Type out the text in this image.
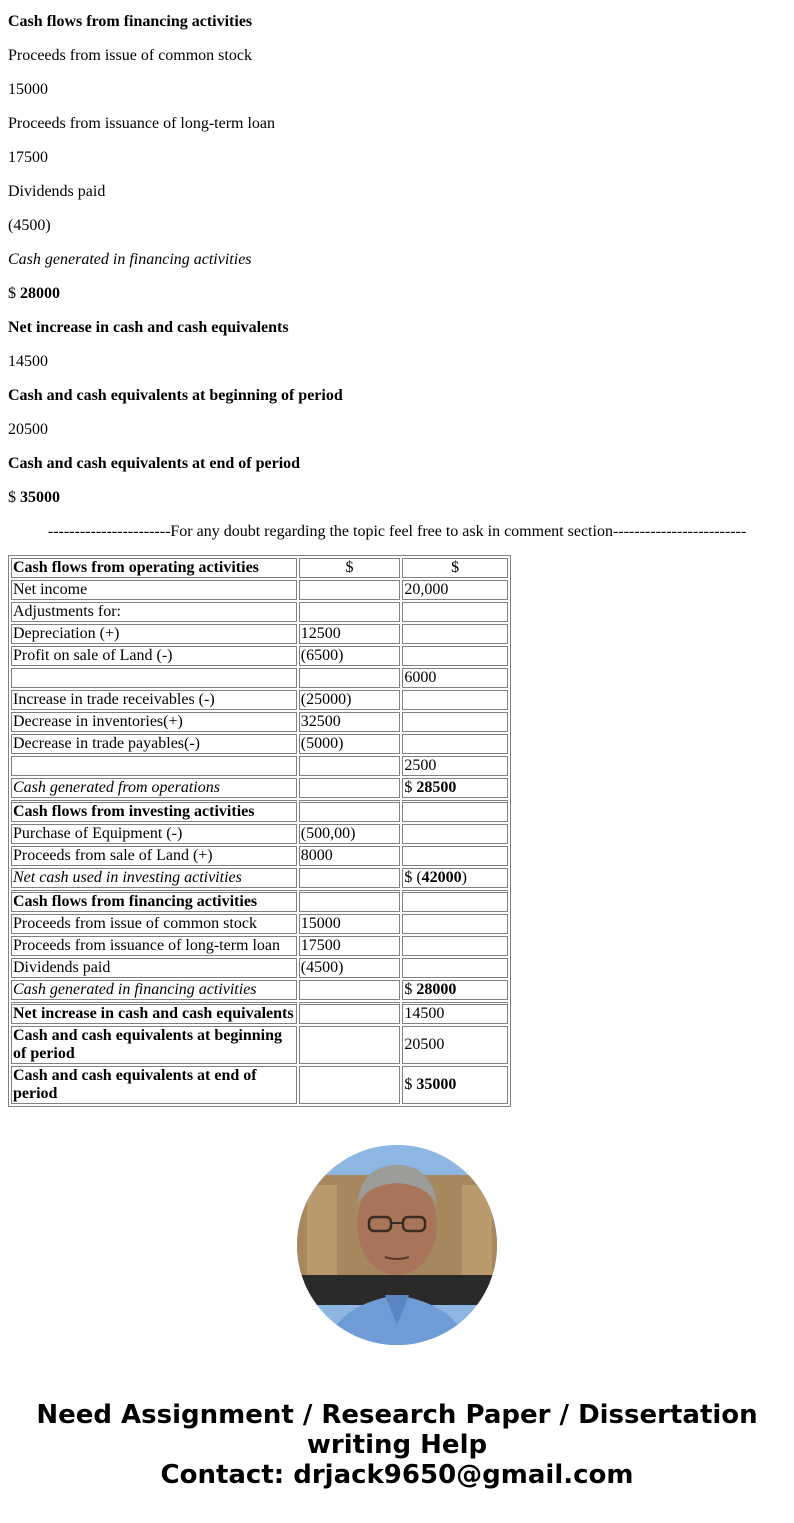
Cash flows from financing activities

Proceeds from issue of common stock

15000

Proceeds from issuance of long-term loan

17500

Dividends paid

(4500)

Cash generated in financing activities

$ 28000

Net increase in cash and cash equivalents

14500

Cash and cash equivalents at beginning of period

20500

Cash and cash equivalents at end of period

$ 35000

-----------------------For any doubt regarding the topic feel free to ask in comment section-------------------------

Cash flows from operating activities	$	$
Net income		20,000
Adjustments for:		
Depreciation (+)	12500	
Profit on sale of Land (-)	(6500)	
		6000
Increase in trade receivables (-)	(25000)	
Decrease in inventories(+)	32500	
Decrease in trade payables(-)	(5000)	
		2500
Cash generated from operations		$ 28500
Cash flows from investing activities		
Purchase of Equipment (-)	(500,00)	
Proceeds from sale of Land (+)	8000	
Net cash used in investing activities		$ (42000)
Cash flows from financing activities		
Proceeds from issue of common stock	15000	
Proceeds from issuance of long-term loan	17500	
Dividends paid	(4500)	
Cash generated in financing activities		$ 28000
Net increase in cash and cash equivalents		14500
Cash and cash equivalents at beginning of period		20500
Cash and cash equivalents at end of period		$ 35000
Need Assignment / Research Paper / Dissertation writing Help
Contact: drjack9650@gmail.com
